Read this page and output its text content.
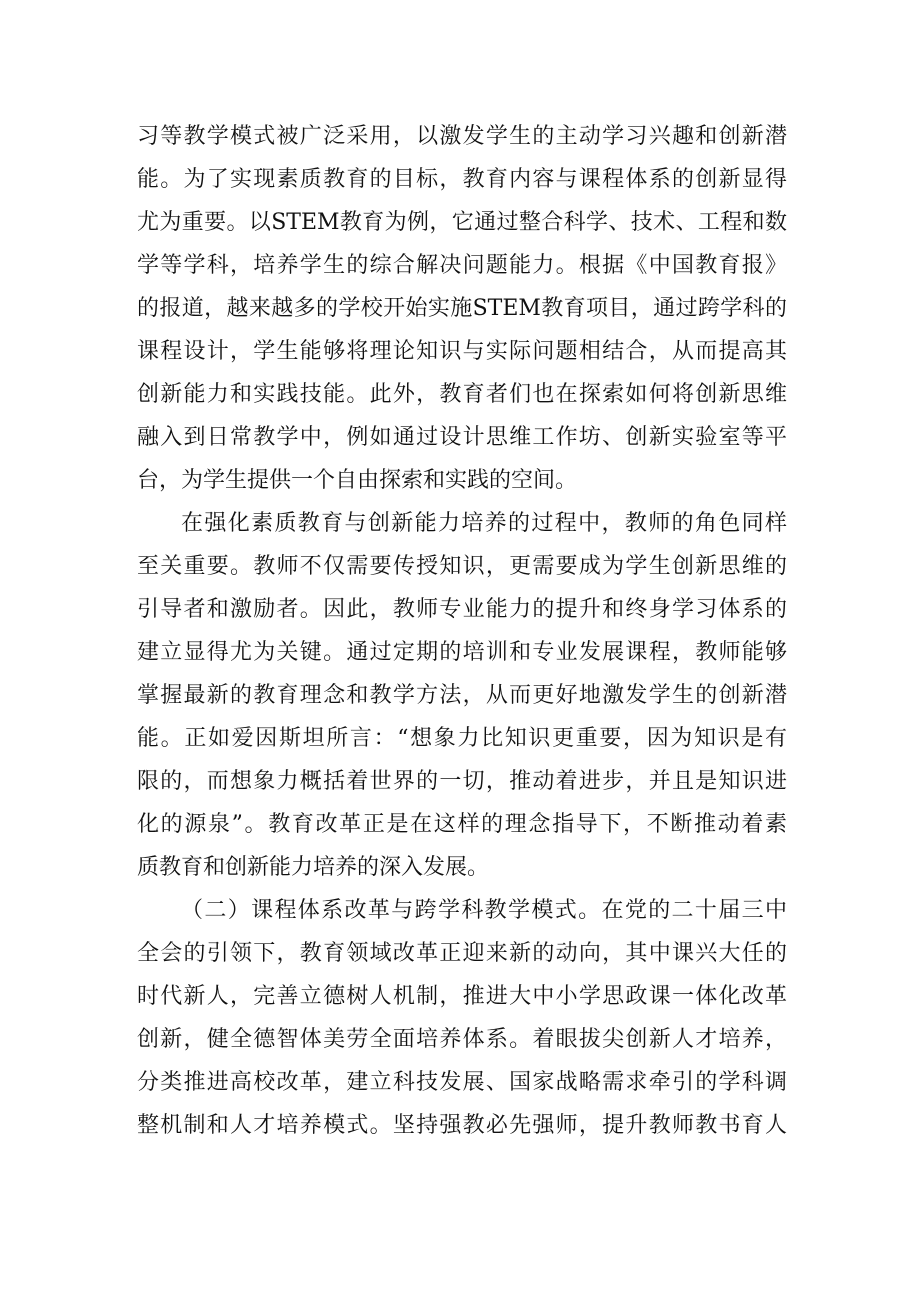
习等教学模式被广泛采用，以激发学生的主动学习兴趣和创新潜
能。为了实现素质教育的目标，教育内容与课程体系的创新显得
尤为重要。以STEM教育为例，它通过整合科学、技术、工程和数
学等学科，培养学生的综合解决问题能力。根据《中国教育报》
的报道，越来越多的学校开始实施STEM教育项目，通过跨学科的
课程设计，学生能够将理论知识与实际问题相结合，从而提高其
创新能力和实践技能。此外，教育者们也在探索如何将创新思维
融入到日常教学中，例如通过设计思维工作坊、创新实验室等平
台，为学生提供一个自由探索和实践的空间。
在强化素质教育与创新能力培养的过程中，教师的角色同样
至关重要。教师不仅需要传授知识，更需要成为学生创新思维的
引导者和激励者。因此，教师专业能力的提升和终身学习体系的
建立显得尤为关键。通过定期的培训和专业发展课程，教师能够
掌握最新的教育理念和教学方法，从而更好地激发学生的创新潜
能。正如爱因斯坦所言：“想象力比知识更重要，因为知识是有
限的，而想象力概括着世界的一切，推动着进步，并且是知识进
化的源泉”。教育改革正是在这样的理念指导下，不断推动着素
质教育和创新能力培养的深入发展。
（二）课程体系改革与跨学科教学模式。在党的二十届三中
全会的引领下，教育领域改革正迎来新的动向，其中课兴大任的
时代新人，完善立德树人机制，推进大中小学思政课一体化改革
创新，健全德智体美劳全面培养体系。着眼拔尖创新人才培养，
分类推进高校改革，建立科技发展、国家战略需求牵引的学科调
整机制和人才培养模式。坚持强教必先强师，提升教师教书育人
